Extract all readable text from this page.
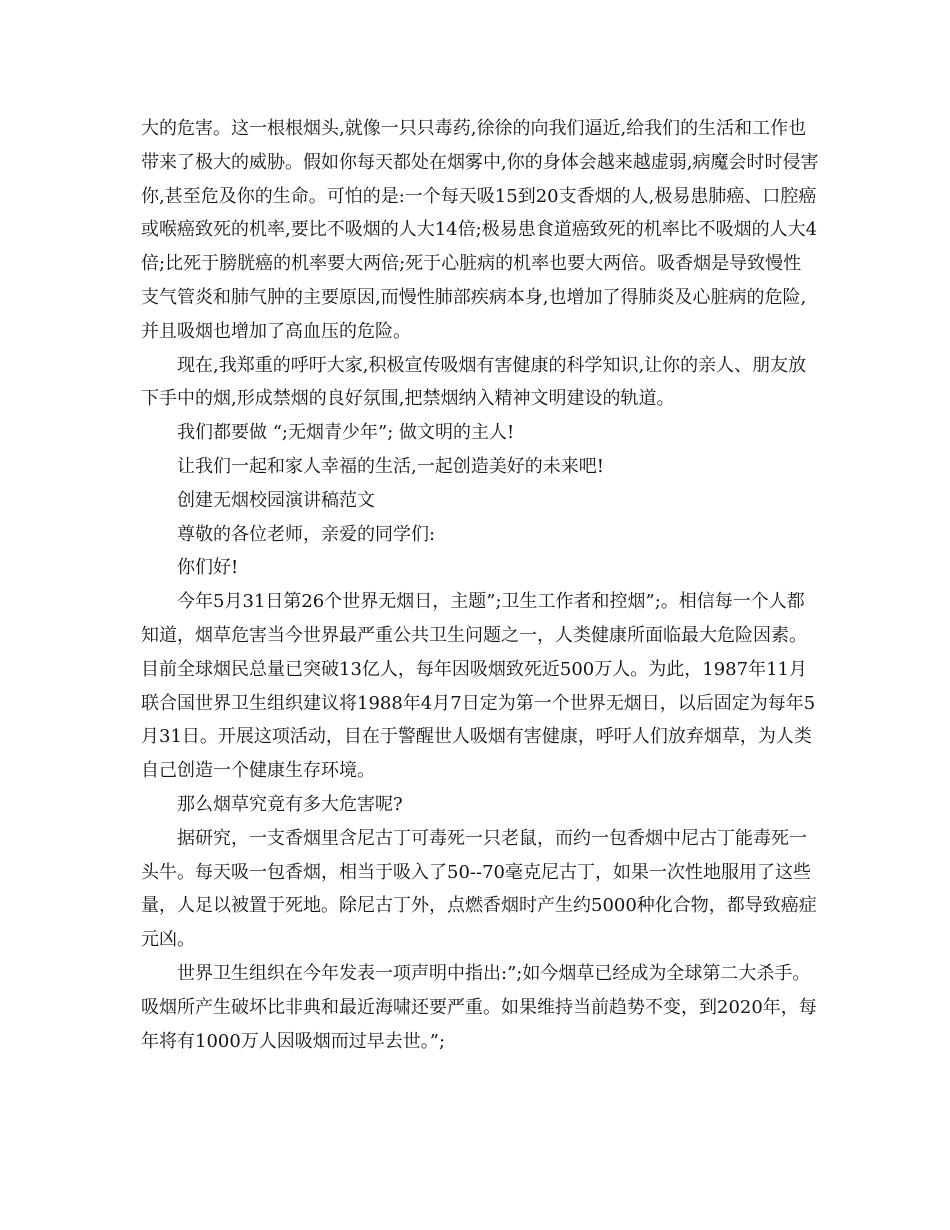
大的危害。这一根根烟头,就像一只只毒药,徐徐的向我们逼近,给我们的生活和工作也带来了极大的威胁。假如你每天都处在烟雾中,你的身体会越来越虚弱,病魔会时时侵害你,甚至危及你的生命。可怕的是:一个每天吸15到20支香烟的人,极易患肺癌、口腔癌或喉癌致死的机率,要比不吸烟的人大14倍;极易患食道癌致死的机率比不吸烟的人大4倍;比死于膀胱癌的机率要大两倍;死于心脏病的机率也要大两倍。吸香烟是导致慢性支气管炎和肺气肿的主要原因,而慢性肺部疾病本身,也增加了得肺炎及心脏病的危险,并且吸烟也增加了高血压的危险。

现在,我郑重的呼吁大家,积极宣传吸烟有害健康的科学知识,让你的亲人、朋友放下手中的烟,形成禁烟的良好氛围,把禁烟纳入精神文明建设的轨道。

我们都要做 “;无烟青少年”; 做文明的主人!

让我们一起和家人幸福的生活,一起创造美好的未来吧!

创建无烟校园演讲稿范文

尊敬的各位老师，亲爱的同学们:

你们好!

今年5月31日第26个世界无烟日，主题”;卫生工作者和控烟”;。相信每一个人都知道，烟草危害当今世界最严重公共卫生问题之一，人类健康所面临最大危险因素。目前全球烟民总量已突破13亿人，每年因吸烟致死近500万人。为此，1987年11月联合国世界卫生组织建议将1988年4月7日定为第一个世界无烟日，以后固定为每年5月31日。开展这项活动，目在于警醒世人吸烟有害健康，呼吁人们放弃烟草，为人类自己创造一个健康生存环境。

那么烟草究竟有多大危害呢?

据研究，一支香烟里含尼古丁可毒死一只老鼠，而约一包香烟中尼古丁能毒死一头牛。每天吸一包香烟，相当于吸入了50--70毫克尼古丁，如果一次性地服用了这些量，人足以被置于死地。除尼古丁外，点燃香烟时产生约5000种化合物，都导致癌症元凶。

世界卫生组织在今年发表一项声明中指出:”;如今烟草已经成为全球第二大杀手。吸烟所产生破坏比非典和最近海啸还要严重。如果维持当前趋势不变，到2020年，每年将有1000万人因吸烟而过早去世。”;
